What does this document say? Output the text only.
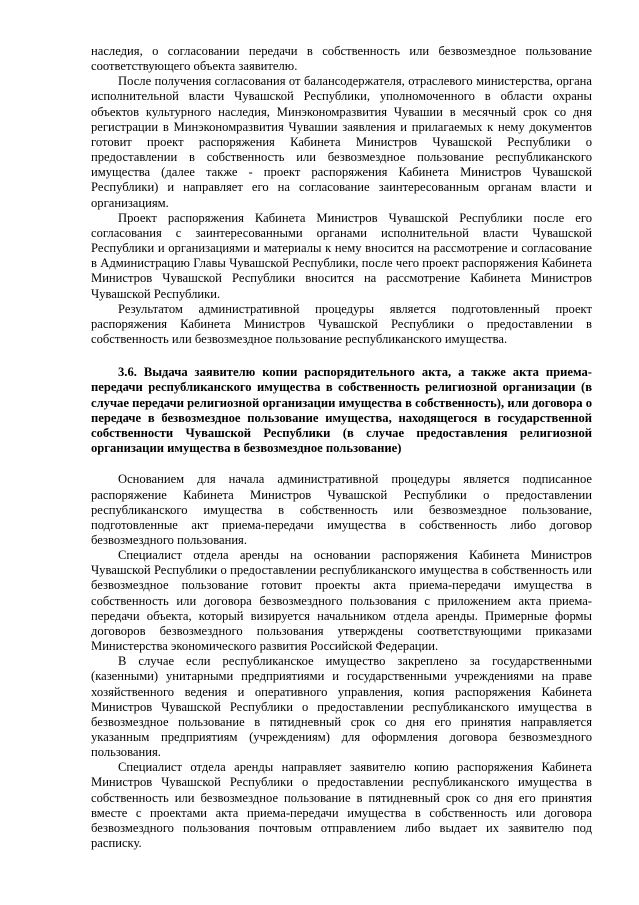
наследия, о согласовании передачи в собственность или безвозмездное пользование соответствующего объекта заявителю.

После получения согласования от балансодержателя, отраслевого министерства, органа исполнительной власти Чувашской Республики, уполномоченного в области охраны объектов культурного наследия, Минэкономразвития Чувашии в месячный срок со дня регистрации в Минэкономразвития Чувашии заявления и прилагаемых к нему документов готовит проект распоряжения Кабинета Министров Чувашской Республики о предоставлении в собственность или безвозмездное пользование республиканского имущества (далее также - проект распоряжения Кабинета Министров Чувашской Республики) и направляет его на согласование заинтересованным органам власти и организациям.

Проект распоряжения Кабинета Министров Чувашской Республики после его согласования с заинтересованными органами исполнительной власти Чувашской Республики и организациями и материалы к нему вносится на рассмотрение и согласование в Администрацию Главы Чувашской Республики, после чего проект распоряжения Кабинета Министров Чувашской Республики вносится на рассмотрение Кабинета Министров Чувашской Республики.

Результатом административной процедуры является подготовленный проект распоряжения Кабинета Министров Чувашской Республики о предоставлении в собственность или безвозмездное пользование республиканского имущества.

3.6. Выдача заявителю копии распорядительного акта, а также акта приема-передачи республиканского имущества в собственность религиозной организации (в случае передачи религиозной организации имущества в собственность), или договора о передаче в безвозмездное пользование имущества, находящегося в государственной собственности Чувашской Республики (в случае предоставления религиозной организации имущества в безвозмездное пользование)

Основанием для начала административной процедуры является подписанное распоряжение Кабинета Министров Чувашской Республики о предоставлении республиканского имущества в собственность или безвозмездное пользование, подготовленные акт приема-передачи имущества в собственность либо договор безвозмездного пользования.

Специалист отдела аренды на основании распоряжения Кабинета Министров Чувашской Республики о предоставлении республиканского имущества в собственность или безвозмездное пользование готовит проекты акта приема-передачи имущества в собственность или договора безвозмездного пользования с приложением акта приема-передачи объекта, который визируется начальником отдела аренды. Примерные формы договоров безвозмездного пользования утверждены соответствующими приказами Министерства экономического развития Российской Федерации.

В случае если республиканское имущество закреплено за государственными (казенными) унитарными предприятиями и государственными учреждениями на праве хозяйственного ведения и оперативного управления, копия распоряжения Кабинета Министров Чувашской Республики о предоставлении республиканского имущества в безвозмездное пользование в пятидневный срок со дня его принятия направляется указанным предприятиям (учреждениям) для оформления договора безвозмездного пользования.

Специалист отдела аренды направляет заявителю копию распоряжения Кабинета Министров Чувашской Республики о предоставлении республиканского имущества в собственность или безвозмездное пользование в пятидневный срок со дня его принятия вместе с проектами акта приема-передачи имущества в собственность или договора безвозмездного пользования почтовым отправлением либо выдает их заявителю под расписку.
